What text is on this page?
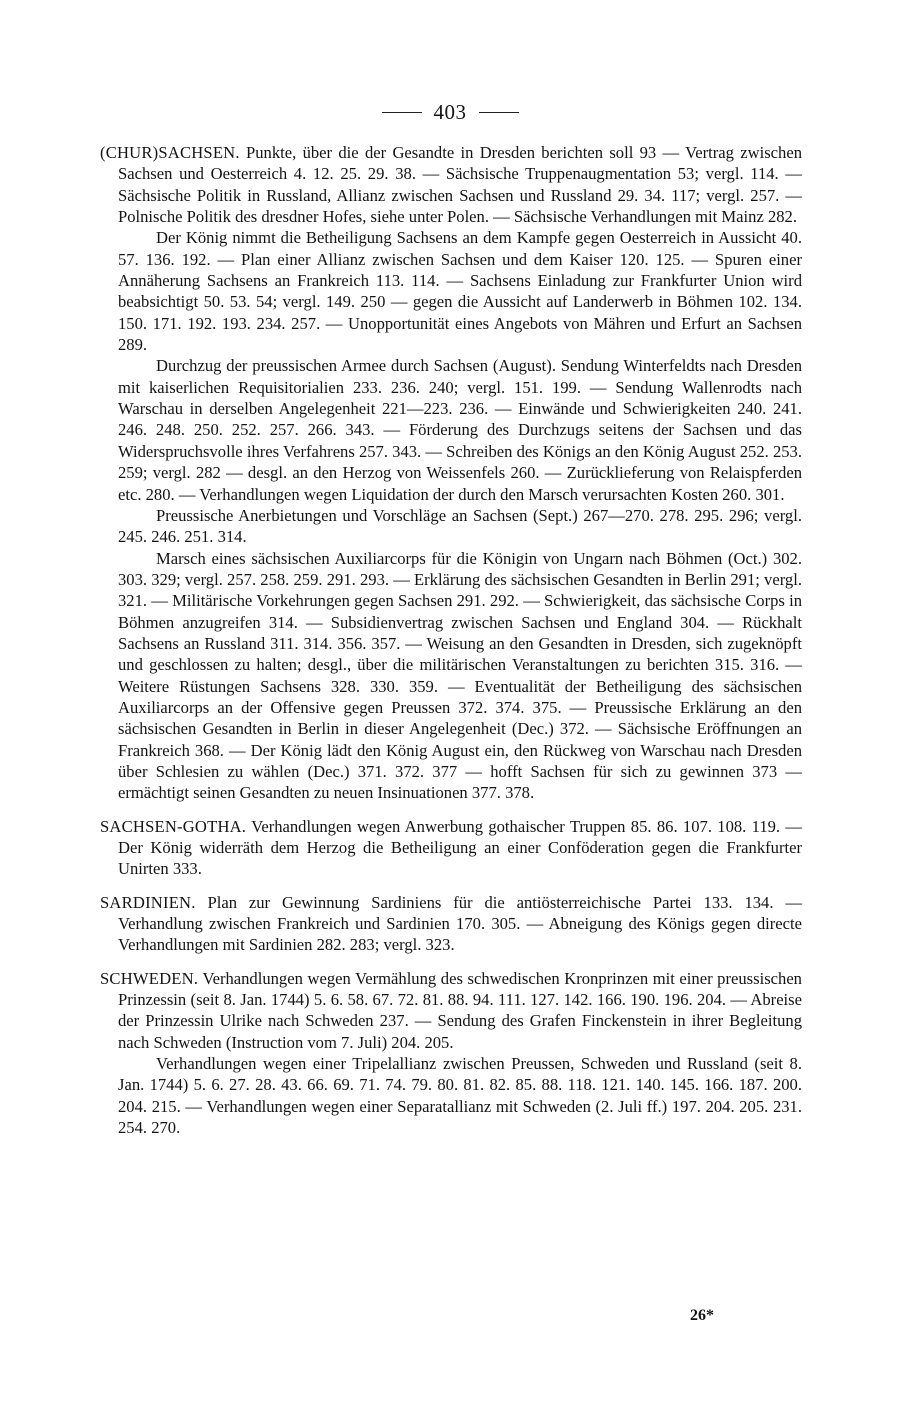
403

(CHUR)SACHSEN. Punkte, über die der Gesandte in Dresden berichten soll 93 — Vertrag zwischen Sachsen und Oesterreich 4. 12. 25. 29. 38. — Sächsische Truppenaugmentation 53; vergl. 114. — Sächsische Politik in Russland, Allianz zwischen Sachsen und Russland 29. 34. 117; vergl. 257. — Polnische Politik des dresdner Hofes, siehe unter Polen. — Sächsische Verhandlungen mit Mainz 282.

Der König nimmt die Betheiligung Sachsens an dem Kampfe gegen Oesterreich in Aussicht 40. 57. 136. 192. — Plan einer Allianz zwischen Sachsen und dem Kaiser 120. 125. — Spuren einer Annäherung Sachsens an Frankreich 113. 114. — Sachsens Einladung zur Frankfurter Union wird beabsichtigt 50. 53. 54; vergl. 149. 250 — gegen die Aussicht auf Landerwerb in Böhmen 102. 134. 150. 171. 192. 193. 234. 257. — Unopportunität eines Angebots von Mähren und Erfurt an Sachsen 289.

Durchzug der preussischen Armee durch Sachsen (August). Sendung Winterfeldts nach Dresden mit kaiserlichen Requisitorialien 233. 236. 240; vergl. 151. 199. — Sendung Wallenrodts nach Warschau in derselben Angelegenheit 221—223. 236. — Einwände und Schwierigkeiten 240. 241. 246. 248. 250. 252. 257. 266. 343. — Förderung des Durchzugs seitens der Sachsen und das Widerspruchsvolle ihres Verfahrens 257. 343. — Schreiben des Königs an den König August 252. 253. 259; vergl. 282 — desgl. an den Herzog von Weissenfels 260. — Zurücklieferung von Relaispferden etc. 280. — Verhandlungen wegen Liquidation der durch den Marsch verursachten Kosten 260. 301.

Preussische Anerbietungen und Vorschläge an Sachsen (Sept.) 267—270. 278. 295. 296; vergl. 245. 246. 251. 314.

Marsch eines sächsischen Auxiliarcorps für die Königin von Ungarn nach Böhmen (Oct.) 302. 303. 329; vergl. 257. 258. 259. 291. 293. — Erklärung des sächsischen Gesandten in Berlin 291; vergl. 321. — Militärische Vorkehrungen gegen Sachsen 291. 292. — Schwierigkeit, das sächsische Corps in Böhmen anzugreifen 314. — Subsidienvertrag zwischen Sachsen und England 304. — Rückhalt Sachsens an Russland 311. 314. 356. 357. — Weisung an den Gesandten in Dresden, sich zugeknöpft und geschlossen zu halten; desgl., über die militärischen Veranstaltungen zu berichten 315. 316. — Weitere Rüstungen Sachsens 328. 330. 359. — Eventualität der Betheiligung des sächsischen Auxiliarcorps an der Offensive gegen Preussen 372. 374. 375. — Preussische Erklärung an den sächsischen Gesandten in Berlin in dieser Angelegenheit (Dec.) 372. — Sächsische Eröffnungen an Frankreich 368. — Der König lädt den König August ein, den Rückweg von Warschau nach Dresden über Schlesien zu wählen (Dec.) 371. 372. 377 — hofft Sachsen für sich zu gewinnen 373 — ermächtigt seinen Gesandten zu neuen Insinuationen 377. 378.

SACHSEN-GOTHA. Verhandlungen wegen Anwerbung gothaischer Truppen 85. 86. 107. 108. 119. — Der König widerräth dem Herzog die Betheiligung an einer Conföderation gegen die Frankfurter Unirten 333.

SARDINIEN. Plan zur Gewinnung Sardiniens für die antiösterreichische Partei 133. 134. — Verhandlung zwischen Frankreich und Sardinien 170. 305. — Abneigung des Königs gegen directe Verhandlungen mit Sardinien 282. 283; vergl. 323.

SCHWEDEN. Verhandlungen wegen Vermählung des schwedischen Kronprinzen mit einer preussischen Prinzessin (seit 8. Jan. 1744) 5. 6. 58. 67. 72. 81. 88. 94. 111. 127. 142. 166. 190. 196. 204. — Abreise der Prinzessin Ulrike nach Schweden 237. — Sendung des Grafen Finckenstein in ihrer Begleitung nach Schweden (Instruction vom 7. Juli) 204. 205.

Verhandlungen wegen einer Tripelallianz zwischen Preussen, Schweden und Russland (seit 8. Jan. 1744) 5. 6. 27. 28. 43. 66. 69. 71. 74. 79. 80. 81. 82. 85. 88. 118. 121. 140. 145. 166. 187. 200. 204. 215. — Verhandlungen wegen einer Separatallianz mit Schweden (2. Juli ff.) 197. 204. 205. 231. 254. 270.

26*
